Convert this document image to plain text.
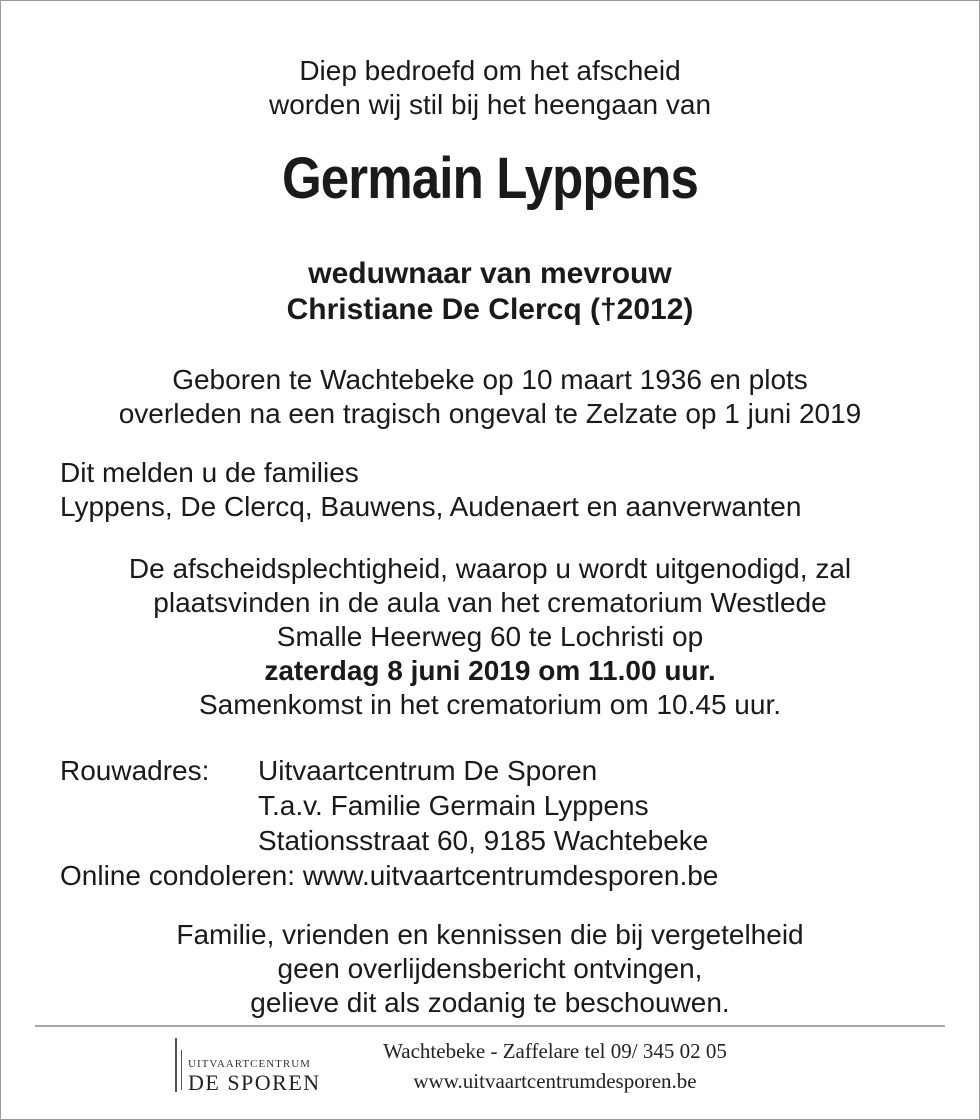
Diep bedroefd om het afscheid
worden wij stil bij het heengaan van
Germain Lyppens
weduwnaar van mevrouw
Christiane De Clercq (†2012)
Geboren te Wachtebeke op 10 maart 1936 en plots
overleden na een tragisch ongeval te Zelzate op 1 juni 2019
Dit melden u de families
Lyppens, De Clercq, Bauwens, Audenaert en aanverwanten
De afscheidsplechtigheid, waarop u wordt uitgenodigd, zal
plaatsvinden in de aula van het crematorium Westlede
Smalle Heerweg 60 te Lochristi op
zaterdag 8 juni 2019 om 11.00 uur.
Samenkomst in het crematorium om 10.45 uur.
Rouwadres:	Uitvaartcentrum De Sporen
T.a.v. Familie Germain Lyppens
Stationsstraat 60, 9185 Wachtebeke
Online condoleren: www.uitvaartcentrumdesporen.be
Familie, vrienden en kennissen die bij vergetelheid
geen overlijdensbericht ontvingen,
gelieve dit als zodanig te beschouwen.
UITVAARTCENTRUM
DE SPOREN
Wachtebeke - Zaffelare tel 09/ 345 02 05
www.uitvaartcentrumdesporen.be
